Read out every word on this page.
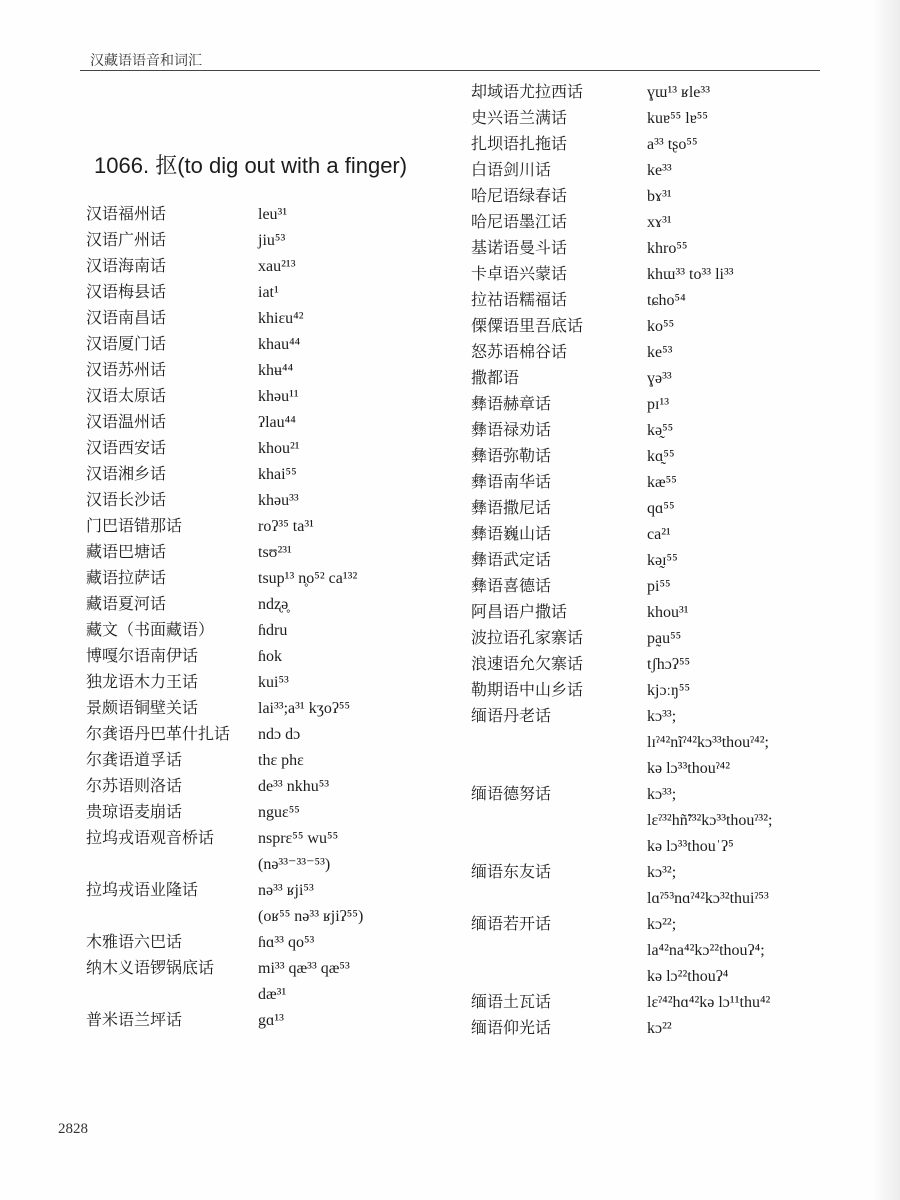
汉藏语语音和词汇
1066. 抠(to dig out with a finger)
汉语福州话	leu³¹
汉语广州话	jiu⁵³
汉语海南话	xau²¹³
汉语梅县话	iat¹
汉语南昌话	khiɛu⁴²
汉语厦门话	khau⁴⁴
汉语苏州话	khʉ⁴⁴
汉语太原话	khəu¹¹
汉语温州话	ʔlau⁴⁴
汉语西安话	khou²¹
汉语湘乡话	khai⁵⁵
汉语长沙话	khəu³³
门巴语错那话	roʔ³⁵ ta³¹
藏语巴塘话	tsʊ²³¹
藏语拉萨话	tsup¹³ n̥o⁵² ca¹³²
藏语夏河话	ndʐə̥
藏文（书面藏语）	ɦdru
博嘎尔语南伊话	ɦok
独龙语木力王话	kui⁵³
景颇语铜壁关话	lai³³;a³¹ kʒoʔ⁵⁵
尔龚语丹巴革什扎话	ndɔ dɔ
尔龚语道孚话	thɛ phɛ
尔苏语则洛话	de³³ nkhu⁵³
贵琼语麦崩话	nguɛ⁵⁵
拉坞戎语观音桥话	nsprɛ⁵⁵ wu⁵⁵
(nə³³⁻³³⁻⁵³)
拉坞戎语业隆话	nə³³ ʁji⁵³
(oʁ⁵⁵ nə³³ ʁjiʔ⁵⁵)
木雅语六巴话	ɦɑ³³ qo⁵³
纳木义语锣锅底话	mi³³ qæ³³ qæ⁵³
dæ³¹
普米语兰坪话	gɑ¹³
却域语尤拉西话	ɣɯ¹³ ʁle³³
史兴语兰满话	kuɐ⁵⁵ lɐ⁵⁵
扎坝语扎拖话	a³³ tʂo⁵⁵
白语剑川话	ke³³
哈尼语绿春话	bɤ³¹
哈尼语墨江话	xɤ³¹
基诺语曼斗话	khro⁵⁵
卡卓语兴蒙话	khɯ³³ to³³ li³³
拉祜语糯福话	tɕho⁵⁴
傈僳语里吾底话	ko⁵⁵
怒苏语棉谷话	ke⁵³
撒都语	ɣə³³
彝语赫章话	pɪ¹³
彝语禄劝话	kə̰⁵⁵
彝语弥勒话	kɑ̰⁵⁵
彝语南华话	kæ⁵⁵
彝语撒尼话	qɑ⁵⁵
彝语巍山话	ca²¹
彝语武定话	kə̰ɪ⁵⁵
彝语喜德话	pi⁵⁵
阿昌语户撒话	khou³¹
波拉语孔家寨话	pa̰u⁵⁵
浪速语允欠寨话	tʃhɔʔ⁵⁵
勒期语中山乡话	kjɔːŋ⁵⁵
缅语丹老话	kɔ³³;
lɪˀ⁴²nĩˀ⁴²kɔ³³thouˀ⁴²;
kə lɔ³³thouˀ⁴²
缅语德努话	kɔ³³;
lɛˀ³²hñ̃ˀ³²kɔ³³thouˀ³²;
kə lɔ³³thouˈʔ⁵
缅语东友话	kɔ³²;
lɑˀ⁵³nɑˀ⁴²kɔ³²thuiˀ⁵³
缅语若开话	kɔ²²;
la⁴²na⁴²kɔ²²thouʔ⁴;
kə lɔ²²thouʔ⁴
缅语土瓦话	lɛˀ⁴²hɑ⁴²kə lɔ¹¹thu⁴²
缅语仰光话	kɔ²²
2828
